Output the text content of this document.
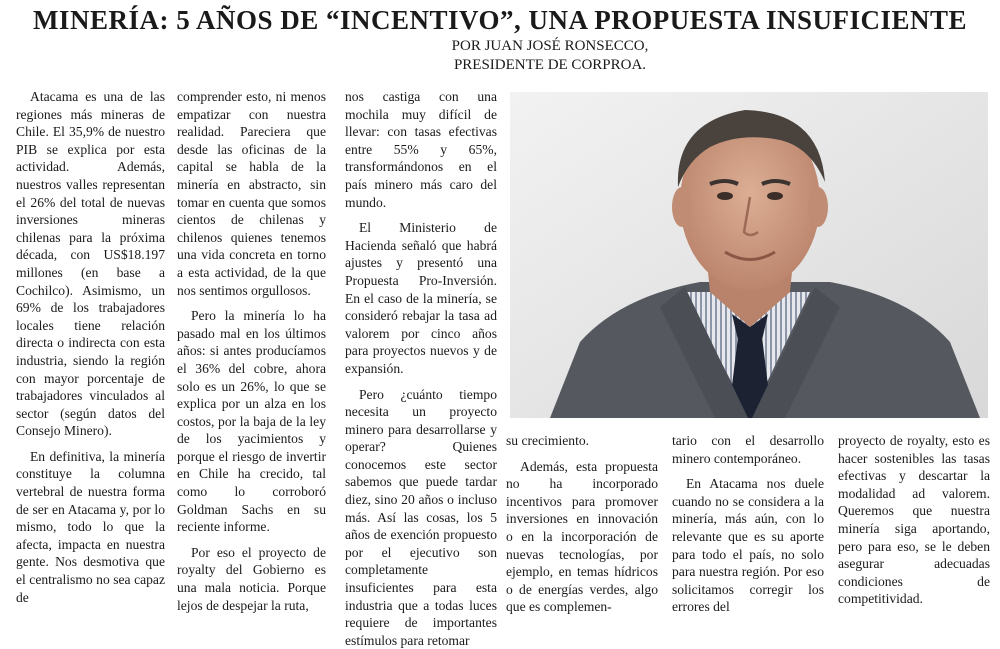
MINERÍA: 5 AÑOS DE “INCENTIVO”, UNA PROPUESTA INSUFICIENTE
POR JUAN JOSÉ RONSECCO,
PRESIDENTE DE CORPROA.

Atacama es una de las regiones más mineras de Chile. El 35,9% de nuestro PIB se explica por esta actividad. Además, nuestros valles representan el 26% del total de nuevas inversiones mineras chilenas para la próxima década, con US$18.197 millones (en base a Cochilco). Asimismo, un 69% de los trabajadores locales tiene relación directa o indirecta con esta industria, siendo la región con mayor porcentaje de trabajadores vinculados al sector (según datos del Consejo Minero).

En definitiva, la minería constituye la columna vertebral de nuestra forma de ser en Atacama y, por lo mismo, todo lo que la afecta, impacta en nuestra gente. Nos desmotiva que el centralismo no sea capaz de

comprender esto, ni menos empatizar con nuestra realidad. Pareciera que desde las oficinas de la capital se habla de la minería en abstracto, sin tomar en cuenta que somos cientos de chilenas y chilenos quienes tenemos una vida concreta en torno a esta actividad, de la que nos sentimos orgullosos.

Pero la minería lo ha pasado mal en los últimos años: si antes producíamos el 36% del cobre, ahora solo es un 26%, lo que se explica por un alza en los costos, por la baja de la ley de los yacimientos y porque el riesgo de invertir en Chile ha crecido, tal como lo corroboró Goldman Sachs en su reciente informe.

Por eso el proyecto de royalty del Gobierno es una mala noticia. Porque lejos de despejar la ruta,

nos castiga con una mochila muy difícil de llevar: con tasas efectivas entre 55% y 65%, transformándonos en el país minero más caro del mundo.

El Ministerio de Hacienda señaló que habrá ajustes y presentó una Propuesta Pro-Inversión. En el caso de la minería, se consideró rebajar la tasa ad valorem por cinco años para proyectos nuevos y de expansión.

Pero ¿cuánto tiempo necesita un proyecto minero para desarrollarse y operar? Quienes conocemos este sector sabemos que puede tardar diez, sino 20 años o incluso más. Así las cosas, los 5 años de exención propuesto por el ejecutivo son completamente insuficientes para esta industria que a todas luces requiere de importantes estímulos para retomar

su crecimiento.

Además, esta propuesta no ha incorporado incentivos para promover inversiones en innovación o en la incorporación de nuevas tecnologías, por ejemplo, en temas hídricos o de energías verdes, algo que es complemen-

tario con el desarrollo minero contemporáneo.

En Atacama nos duele cuando no se considera a la minería, más aún, con lo relevante que es su aporte para todo el país, no solo para nuestra región. Por eso solicitamos corregir los errores del

proyecto de royalty, esto es hacer sostenibles las tasas efectivas y descartar la modalidad ad valorem. Queremos que nuestra minería siga aportando, pero para eso, se le deben asegurar adecuadas condiciones de competitividad.
